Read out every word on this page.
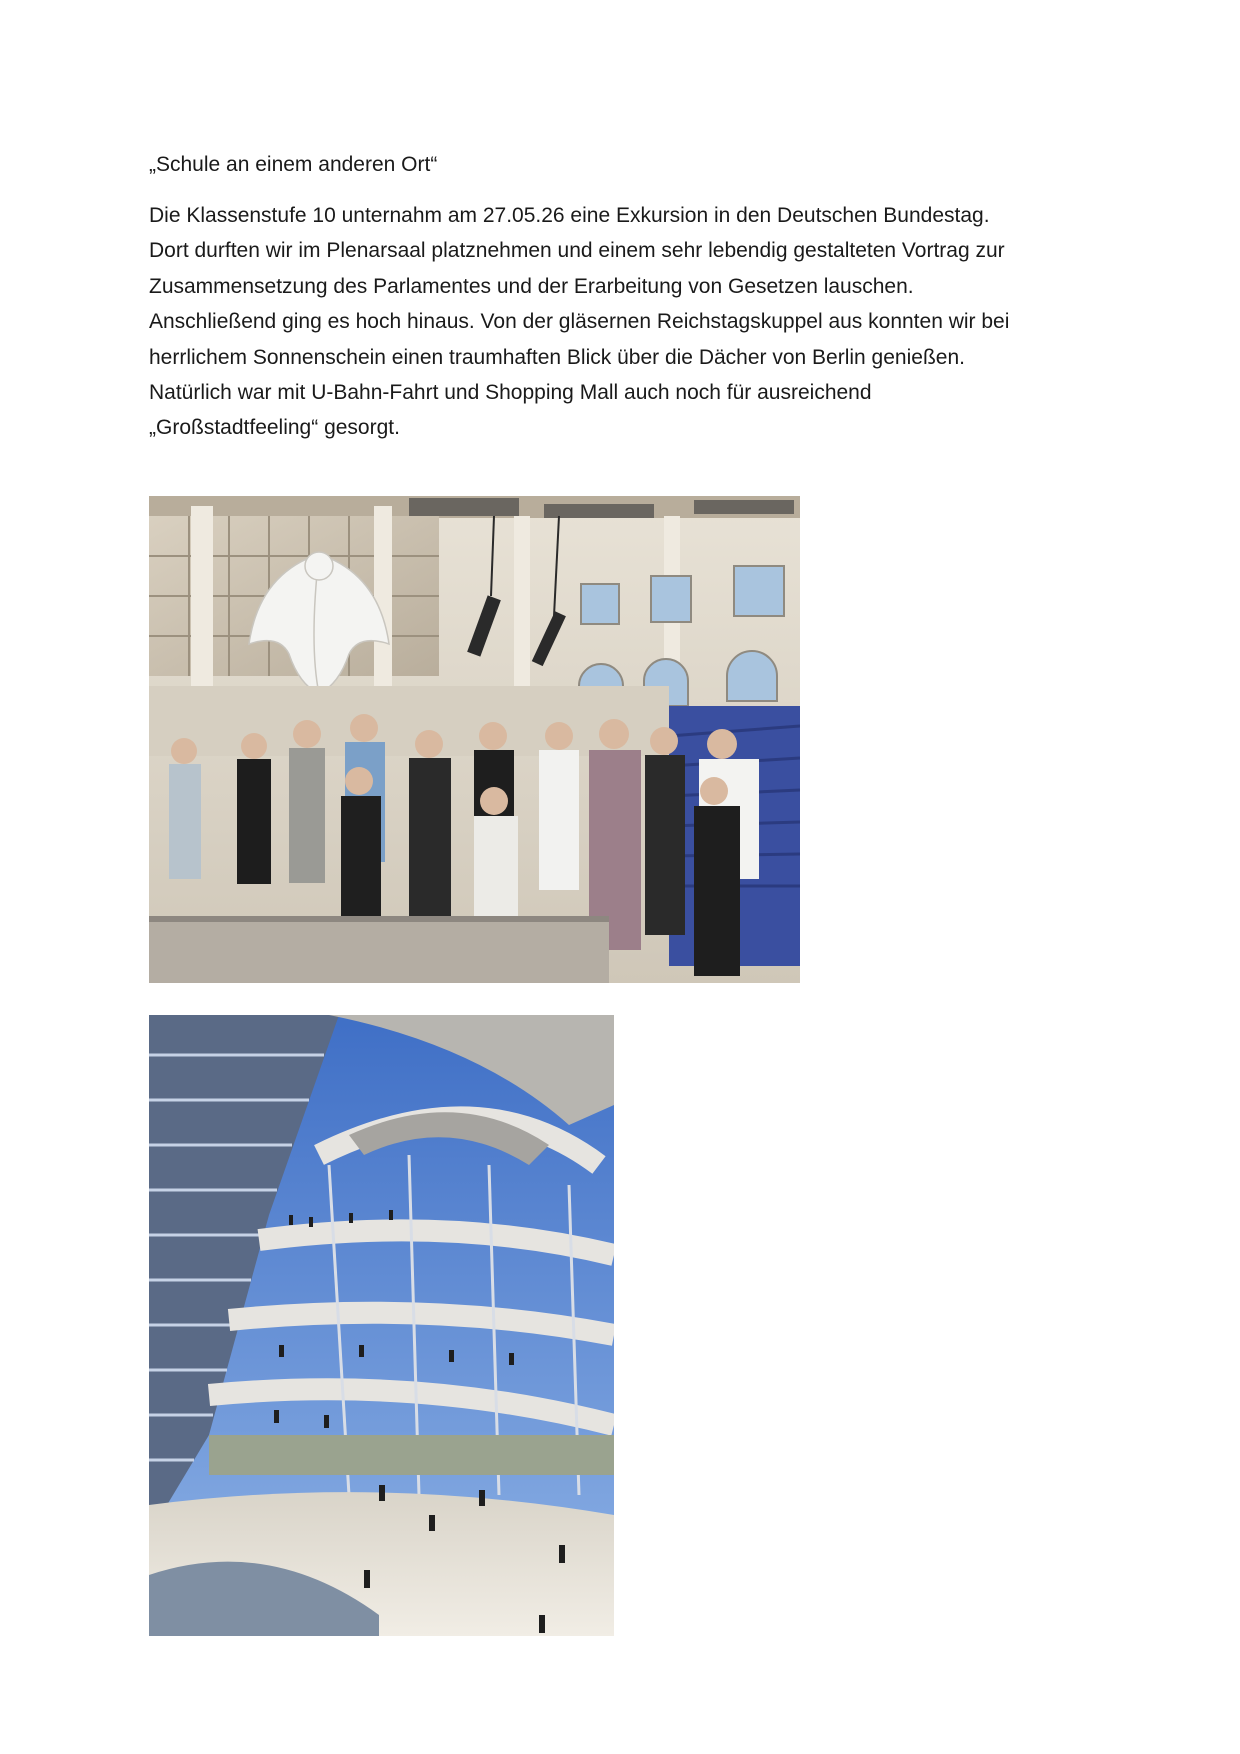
„Schule an einem anderen Ort“

Die Klassenstufe 10 unternahm am 27.05.26 eine Exkursion in den Deutschen Bundestag.

Dort durften wir im Plenarsaal platznehmen und einem sehr lebendig gestalteten Vortrag zur

Zusammensetzung des Parlamentes und der Erarbeitung von Gesetzen lauschen.

Anschließend ging es hoch hinaus. Von der gläsernen Reichstagskuppel aus konnten wir bei

herrlichem Sonnenschein einen traumhaften Blick über die Dächer von Berlin genießen.

Natürlich war mit U-Bahn-Fahrt und Shopping Mall auch noch für ausreichend

„Großstadtfeeling“ gesorgt.
